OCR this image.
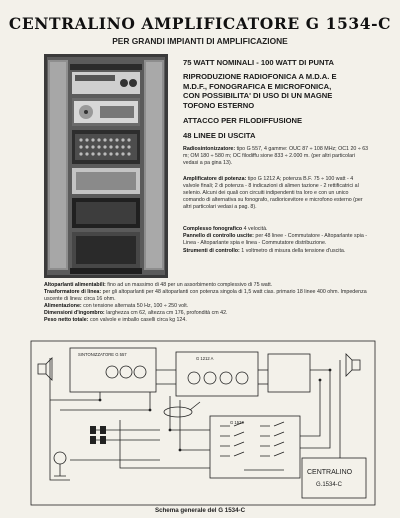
CENTRALINO AMPLIFICATORE G 1534-C
PER GRANDI IMPIANTI DI AMPLIFICAZIONE
75 WATT NOMINALI - 100 WATT DI PUNTA
RIPRODUZIONE RADIOFONICA A M.D.A. E
M.D.F., FONOGRAFICA E MICROFONICA,
CON POSSIBILITA' DI USO DI UN MAGNE
TOFONO ESTERNO
ATTACCO PER FILODIFFUSIONE
48 LINEE DI USCITA
Radiosintonizzatore: tipo G 557, 4 gamme: OUC 87 ÷ 108 MHz; OC1 20 ÷ 63 m; OM 180 ÷ 580 m; OC filodiffu sione 833 ÷ 2.000 m. (per altri particolari vedasi a pa gina 13).
Amplificatore di potenza: tipo G 1212 A; potenza B.F. 75 ÷ 100 watt - 4 valvole finali; 2 di potenza - 8 indicazioni di alimen tazione - 2 rettificatrici al selenio. Alcuni dei quali con circuiti indipendenti tra loro e con un unico comando di alternativa su fonografo, radioricevitore e microfono esterno (per altri particolari vedasi a pag. 8).
Complesso fonografico 4 velocità.
Pannello di controllo uscite: per 48 linee - Commutatore - Altoparlante spia - Linea - Altoparlante spia e linea - Commutatore distribuzione.
Strumenti di controllo: 1 voltmetro di misura della tensione d'uscita.
Altoparlanti alimentabili: fino ad un massimo di 48 per un assorbimento complessivo di 75 watt.
Trasformatore di linea: per gli altoparlanti per 48 altoparlanti con potenza singola di 1,5 watt cias. primario 18 linee 400 ohm. Impedenza uscente di linea: circa 16 ohm.
Alimentazione: con tensione alternata 50 Hz, 100 ÷ 250 volt.
Dimensioni d'ingombro: larghezza cm 62, altezza cm 176, profondità cm 42.
Peso netto totale: con valvole e imballo caselli circa kg 124.
SINTONIZZATORE G 557
G 1212 A
G 1534
CENTRALINO
G.1534-C
Schema generale del G 1534-C
